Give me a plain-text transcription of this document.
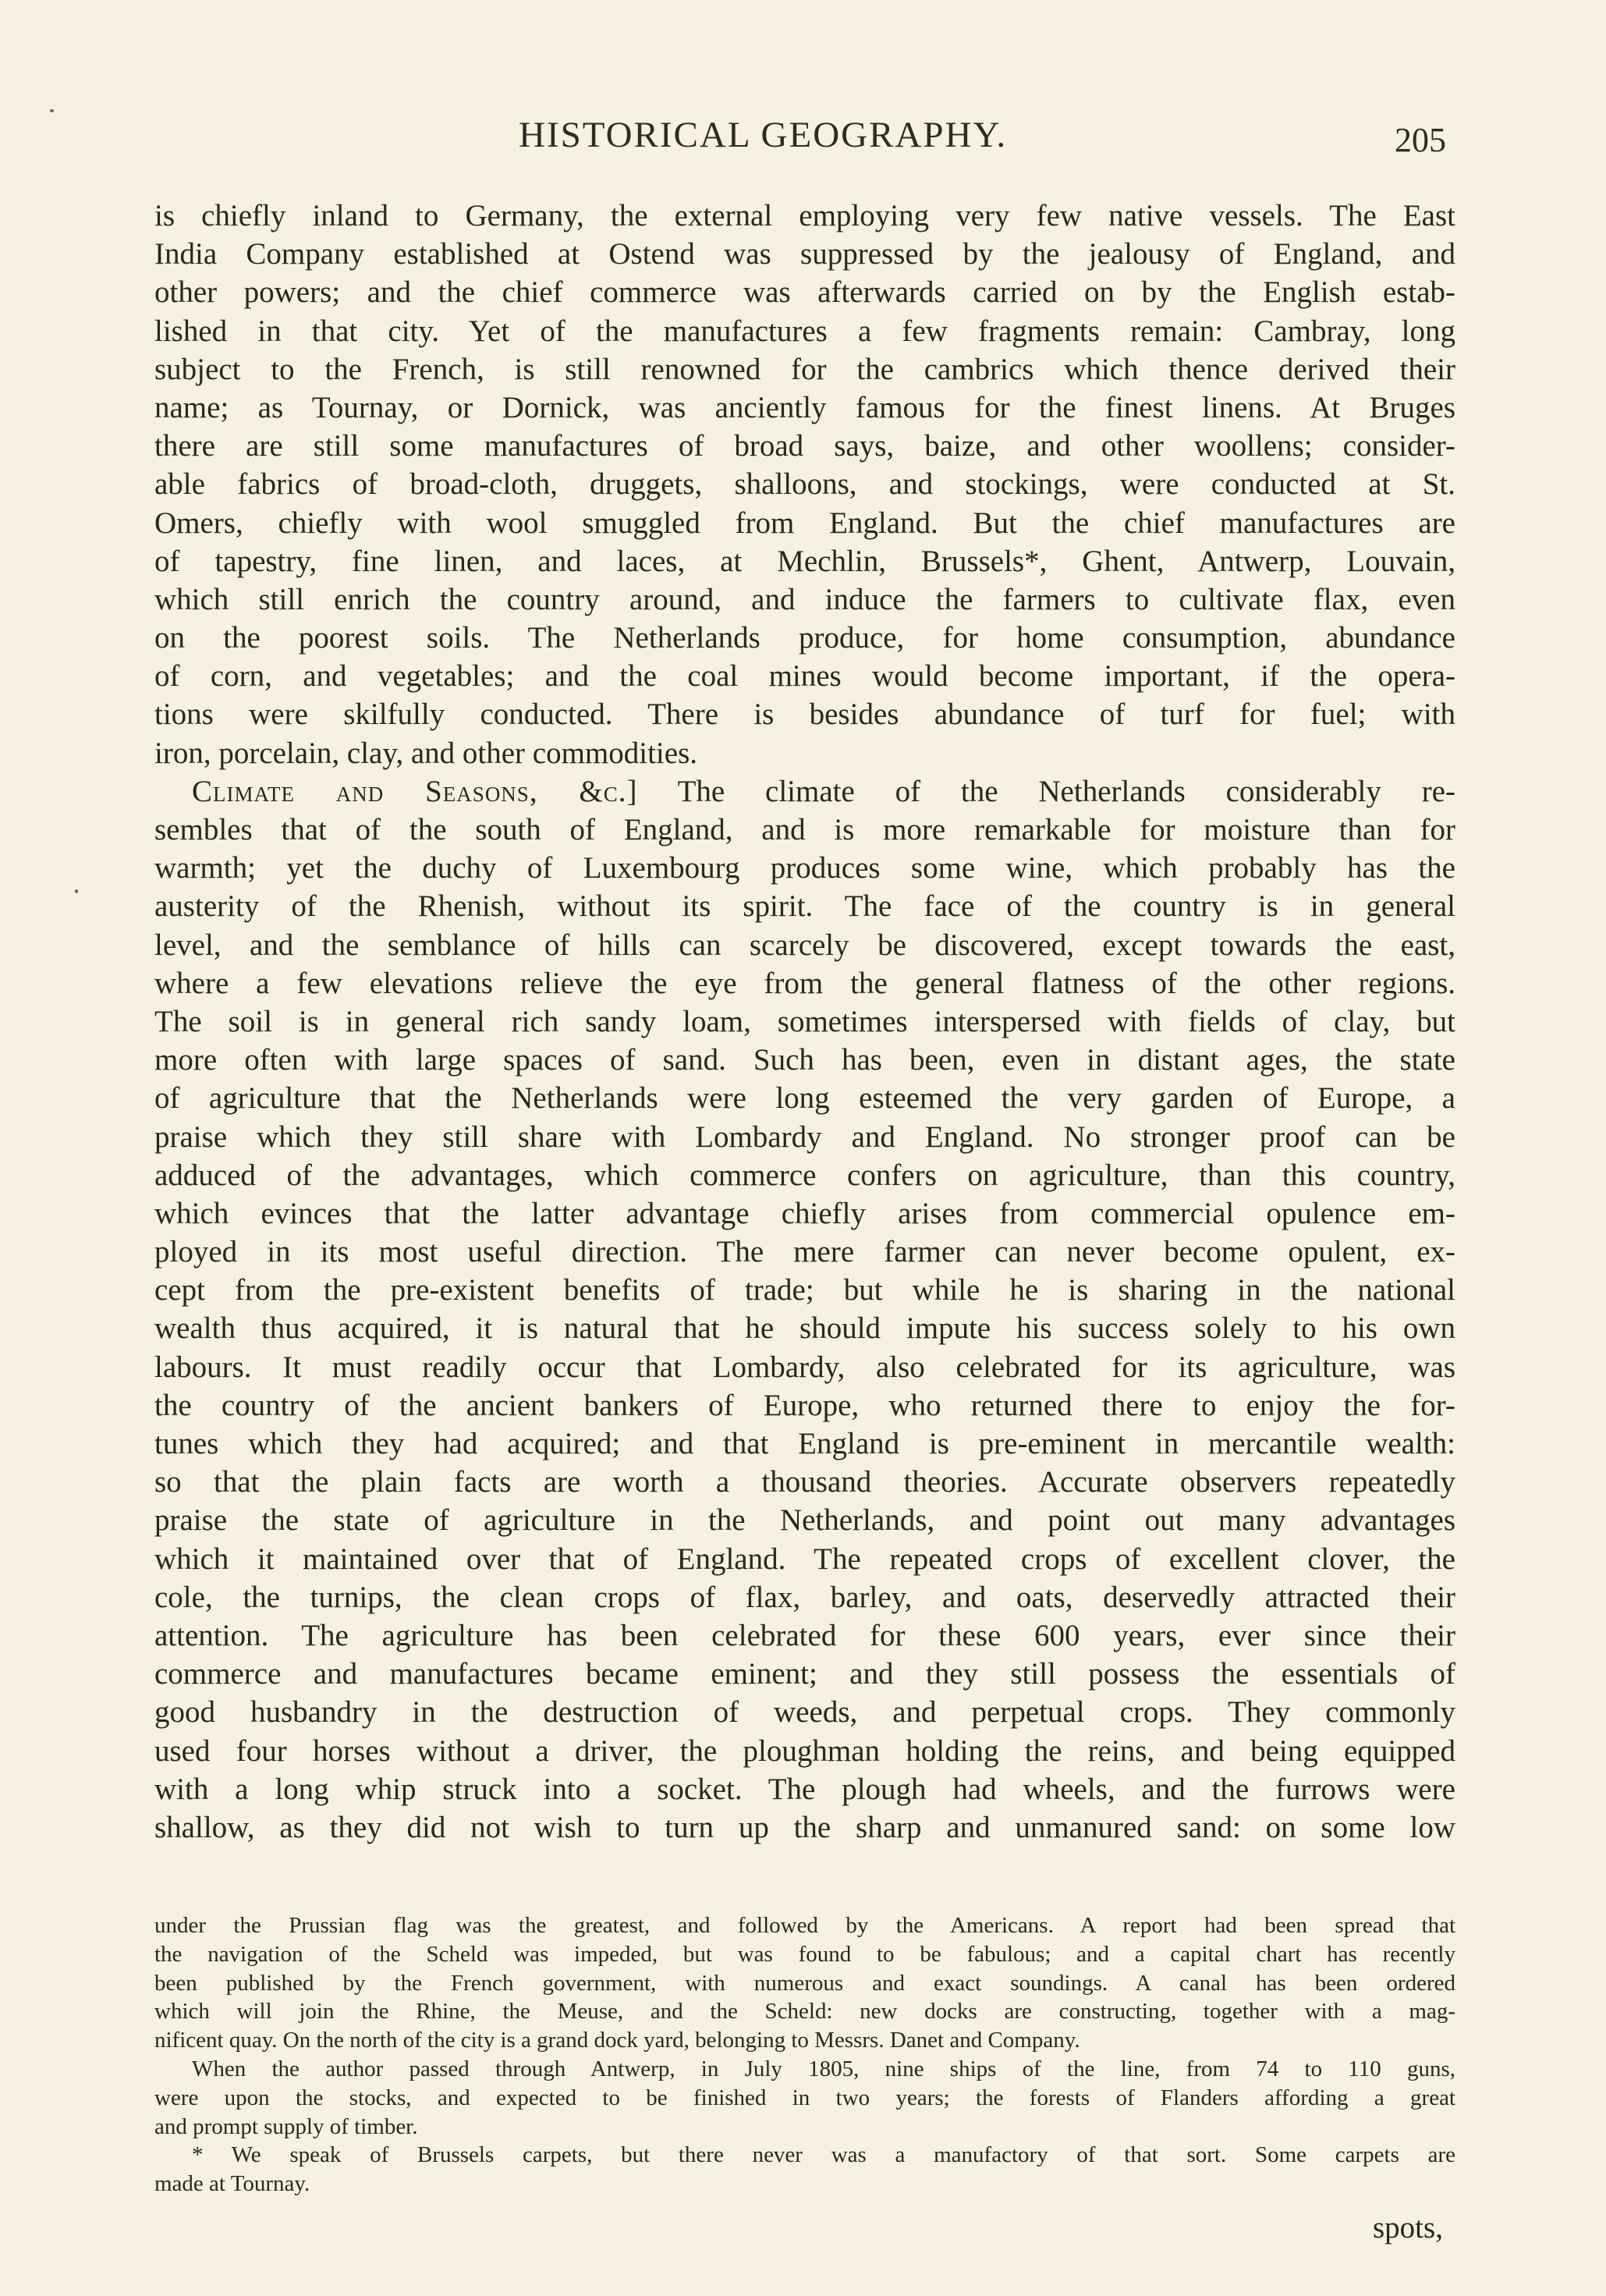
HISTORICAL GEOGRAPHY.	205
is chiefly inland to Germany, the external employing very few native vessels. The East
India Company established at Ostend was suppressed by the jealousy of England, and
other powers; and the chief commerce was afterwards carried on by the English estab-
lished in that city. Yet of the manufactures a few fragments remain: Cambray, long
subject to the French, is still renowned for the cambrics which thence derived their
name; as Tournay, or Dornick, was anciently famous for the finest linens. At Bruges
there are still some manufactures of broad says, baize, and other woollens; consider-
able fabrics of broad-cloth, druggets, shalloons, and stockings, were conducted at St.
Omers, chiefly with wool smuggled from England. But the chief manufactures are
of tapestry, fine linen, and laces, at Mechlin, Brussels*, Ghent, Antwerp, Louvain,
which still enrich the country around, and induce the farmers to cultivate flax, even
on the poorest soils. The Netherlands produce, for home consumption, abundance
of corn, and vegetables; and the coal mines would become important, if the opera-
tions were skilfully conducted. There is besides abundance of turf for fuel; with
iron, porcelain, clay, and other commodities.
Climate and Seasons, &c.] The climate of the Netherlands considerably re-
sembles that of the south of England, and is more remarkable for moisture than for
warmth; yet the duchy of Luxembourg produces some wine, which probably has the
austerity of the Rhenish, without its spirit. The face of the country is in general
level, and the semblance of hills can scarcely be discovered, except towards the east,
where a few elevations relieve the eye from the general flatness of the other regions.
The soil is in general rich sandy loam, sometimes interspersed with fields of clay, but
more often with large spaces of sand. Such has been, even in distant ages, the state
of agriculture that the Netherlands were long esteemed the very garden of Europe, a
praise which they still share with Lombardy and England. No stronger proof can be
adduced of the advantages, which commerce confers on agriculture, than this country,
which evinces that the latter advantage chiefly arises from commercial opulence em-
ployed in its most useful direction. The mere farmer can never become opulent, ex-
cept from the pre-existent benefits of trade; but while he is sharing in the national
wealth thus acquired, it is natural that he should impute his success solely to his own
labours. It must readily occur that Lombardy, also celebrated for its agriculture, was
the country of the ancient bankers of Europe, who returned there to enjoy the for-
tunes which they had acquired; and that England is pre-eminent in mercantile wealth:
so that the plain facts are worth a thousand theories. Accurate observers repeatedly
praise the state of agriculture in the Netherlands, and point out many advantages
which it maintained over that of England. The repeated crops of excellent clover, the
cole, the turnips, the clean crops of flax, barley, and oats, deservedly attracted their
attention. The agriculture has been celebrated for these 600 years, ever since their
commerce and manufactures became eminent; and they still possess the essentials of
good husbandry in the destruction of weeds, and perpetual crops. They commonly
used four horses without a driver, the ploughman holding the reins, and being equipped
with a long whip struck into a socket. The plough had wheels, and the furrows were
shallow, as they did not wish to turn up the sharp and unmanured sand: on some low
under the Prussian flag was the greatest, and followed by the Americans. A report had been spread that
the navigation of the Scheld was impeded, but was found to be fabulous; and a capital chart has recently
been published by the French government, with numerous and exact soundings. A canal has been ordered
which will join the Rhine, the Meuse, and the Scheld: new docks are constructing, together with a mag-
nificent quay. On the north of the city is a grand dock yard, belonging to Messrs. Danet and Company.
When the author passed through Antwerp, in July 1805, nine ships of the line, from 74 to 110 guns,
were upon the stocks, and expected to be finished in two years; the forests of Flanders affording a great
and prompt supply of timber.
* We speak of Brussels carpets, but there never was a manufactory of that sort. Some carpets are
made at Tournay.
spots,
